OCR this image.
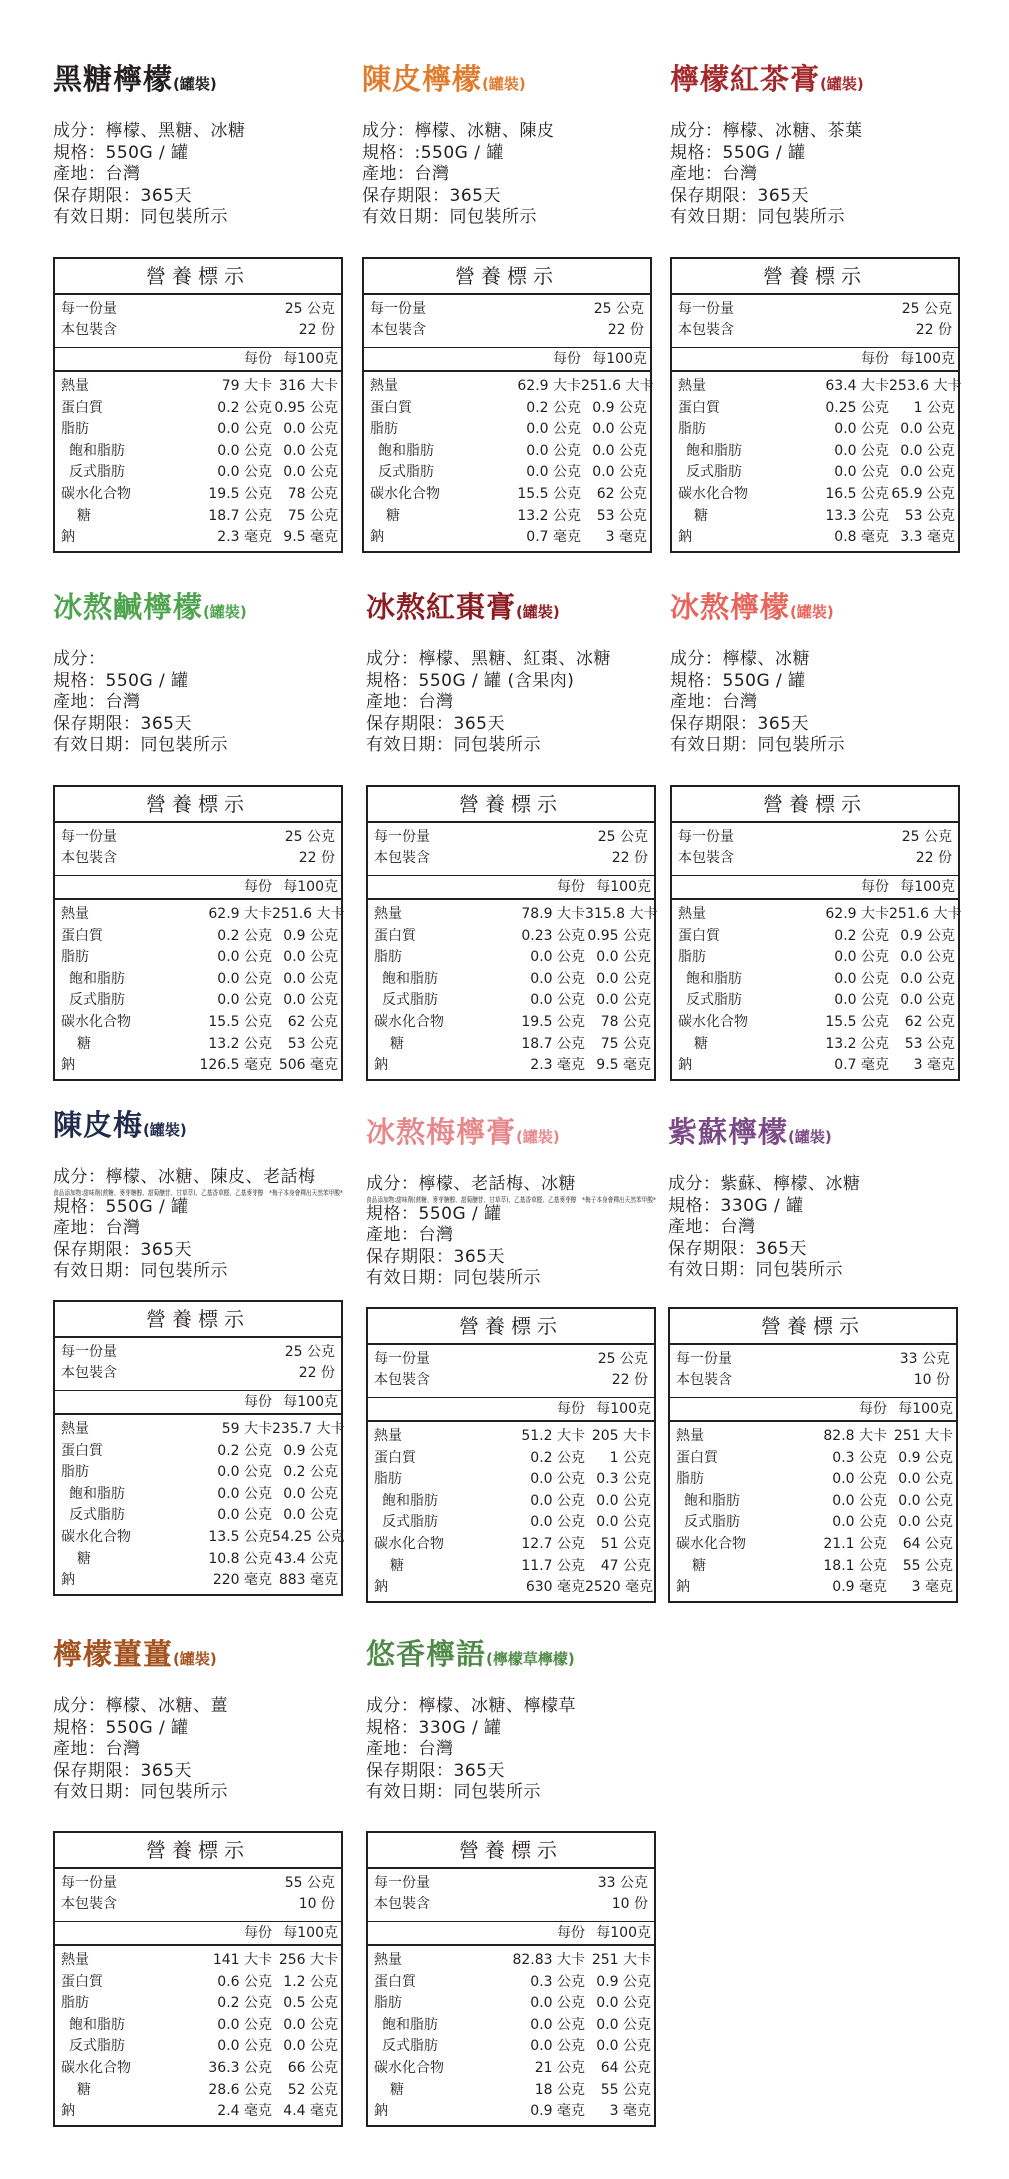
黑糖檸檬(罐裝)
成分：檸檬、黑糖、冰糖
規格：550G / 罐
產地：台灣
保存期限：365天
有效日期：同包裝所示
營養標示
每一份量	25 公克
本包裝含	22 份
每份 每100克
熱量	79 大卡 316 大卡
蛋白質	0.2 公克 0.95 公克
脂肪	0.0 公克 0.0 公克
飽和脂肪	0.0 公克 0.0 公克
反式脂肪	0.0 公克 0.0 公克
碳水化合物	19.5 公克	78 公克
糖	18.7 公克	75 公克
鈉	2.3 毫克 9.5 毫克
陳皮檸檬(罐裝)
成分：檸檬、冰糖、陳皮
規格：:550G / 罐
產地：台灣
保存期限：365天
有效日期：同包裝所示
營養標示
每一份量	25 公克
本包裝含	22 份
每份 每100克
熱量	62.9 大卡 251.6 大卡
蛋白質	0.2 公克 0.9 公克
脂肪	0.0 公克 0.0 公克
飽和脂肪	0.0 公克 0.0 公克
反式脂肪	0.0 公克 0.0 公克
碳水化合物	15.5 公克	62 公克
糖	13.2 公克	53 公克
鈉	0.7 毫克	3 毫克
檸檬紅茶膏(罐裝)
成分：檸檬、冰糖、茶葉
規格：550G / 罐
產地：台灣
保存期限：365天
有效日期：同包裝所示
營養標示
每一份量	25 公克
本包裝含	22 份
每份 每100克
熱量	63.4 大卡 253.6 大卡
蛋白質	0.25 公克	1 公克
脂肪	0.0 公克 0.0 公克
飽和脂肪	0.0 公克 0.0 公克
反式脂肪	0.0 公克 0.0 公克
碳水化合物	16.5 公克 65.9 公克
糖	13.3 公克	53 公克
鈉	0.8 毫克 3.3 毫克
冰熬鹹檸檬(罐裝)
成分：
規格：550G / 罐
產地：台灣
保存期限：365天
有效日期：同包裝所示
營養標示
每一份量	25 公克
本包裝含	22 份
每份 每100克
熱量	62.9 大卡 251.6 大卡
蛋白質	0.2 公克 0.9 公克
脂肪	0.0 公克 0.0 公克
飽和脂肪	0.0 公克 0.0 公克
反式脂肪	0.0 公克 0.0 公克
碳水化合物	15.5 公克	62 公克
糖	13.2 公克	53 公克
鈉	126.5 毫克 506 毫克
冰熬紅棗膏(罐裝)
成分：檸檬、黑糖、紅棗、冰糖
規格：550G / 罐 (含果肉)
產地：台灣
保存期限：365天
有效日期：同包裝所示
營養標示
每一份量	25 公克
本包裝含	22 份
每份 每100克
熱量	78.9 大卡 315.8 大卡
蛋白質	0.23 公克 0.95 公克
脂肪	0.0 公克 0.0 公克
飽和脂肪	0.0 公克 0.0 公克
反式脂肪	0.0 公克 0.0 公克
碳水化合物	19.5 公克	78 公克
糖	18.7 公克	75 公克
鈉	2.3 毫克 9.5 毫克
冰熬檸檬(罐裝)
成分：檸檬、冰糖
規格：550G / 罐
產地：台灣
保存期限：365天
有效日期：同包裝所示
營養標示
每一份量	25 公克
本包裝含	22 份
每份 每100克
熱量	62.9 大卡 251.6 大卡
蛋白質	0.2 公克 0.9 公克
脂肪	0.0 公克 0.0 公克
飽和脂肪	0.0 公克 0.0 公克
反式脂肪	0.0 公克 0.0 公克
碳水化合物	15.5 公克	62 公克
糖	13.2 公克	53 公克
鈉	0.7 毫克	3 毫克
陳皮梅(罐裝)
成分：檸檬、冰糖、陳皮、老話梅
食品添加物:甜味劑(蔗糖、麥芽糖醇、甜菊醣苷、甘草萃)、乙基香草醛、乙基麥芽醇　*梅子本身會釋出天然苯甲酸*
規格：550G / 罐
產地：台灣
保存期限：365天
有效日期：同包裝所示
營養標示
每一份量	25 公克
本包裝含	22 份
每份 每100克
熱量	59 大卡 235.7 大卡
蛋白質	0.2 公克 0.9 公克
脂肪	0.0 公克 0.2 公克
飽和脂肪	0.0 公克 0.0 公克
反式脂肪	0.0 公克 0.0 公克
碳水化合物	13.5 公克 54.25 公克
糖	10.8 公克 43.4 公克
鈉	220 毫克 883 毫克
冰熬梅檸膏(罐裝)
成分：檸檬、老話梅、冰糖
食品添加物:甜味劑(蔗糖、麥芽糖醇、甜菊醣苷、甘草萃)、乙基香草醛、乙基麥芽醇　*梅子本身會釋出天然苯甲酸*
規格：550G / 罐
產地：台灣
保存期限：365天
有效日期：同包裝所示
營養標示
每一份量	25 公克
本包裝含	22 份
每份 每100克
熱量	51.2 大卡 205 大卡
蛋白質	0.2 公克	1 公克
脂肪	0.0 公克 0.3 公克
飽和脂肪	0.0 公克 0.0 公克
反式脂肪	0.0 公克 0.0 公克
碳水化合物	12.7 公克	51 公克
糖	11.7 公克	47 公克
鈉	630 毫克 2520 毫克
紫蘇檸檬(罐裝)
成分：紫蘇、檸檬、冰糖
規格：330G / 罐
產地：台灣
保存期限：365天
有效日期：同包裝所示
營養標示
每一份量	33 公克
本包裝含	10 份
每份 每100克
熱量	82.8 大卡 251 大卡
蛋白質	0.3 公克 0.9 公克
脂肪	0.0 公克 0.0 公克
飽和脂肪	0.0 公克 0.0 公克
反式脂肪	0.0 公克 0.0 公克
碳水化合物	21.1 公克	64 公克
糖	18.1 公克	55 公克
鈉	0.9 毫克	3 毫克
檸檬薑薑(罐裝)
成分：檸檬、冰糖、薑
規格：550G / 罐
產地：台灣
保存期限：365天
有效日期：同包裝所示
營養標示
每一份量	55 公克
本包裝含	10 份
每份 每100克
熱量	141 大卡 256 大卡
蛋白質	0.6 公克 1.2 公克
脂肪	0.2 公克 0.5 公克
飽和脂肪	0.0 公克 0.0 公克
反式脂肪	0.0 公克 0.0 公克
碳水化合物	36.3 公克	66 公克
糖	28.6 公克	52 公克
鈉	2.4 毫克 4.4 毫克
悠香檸語(檸檬草檸檬)
成分：檸檬、冰糖、檸檬草
規格：330G / 罐
產地：台灣
保存期限：365天
有效日期：同包裝所示
營養標示
每一份量	33 公克
本包裝含	10 份
每份 每100克
熱量	82.83 大卡 251 大卡
蛋白質	0.3 公克 0.9 公克
脂肪	0.0 公克 0.0 公克
飽和脂肪	0.0 公克 0.0 公克
反式脂肪	0.0 公克 0.0 公克
碳水化合物	21 公克	64 公克
糖	18 公克	55 公克
鈉	0.9 毫克	3 毫克
